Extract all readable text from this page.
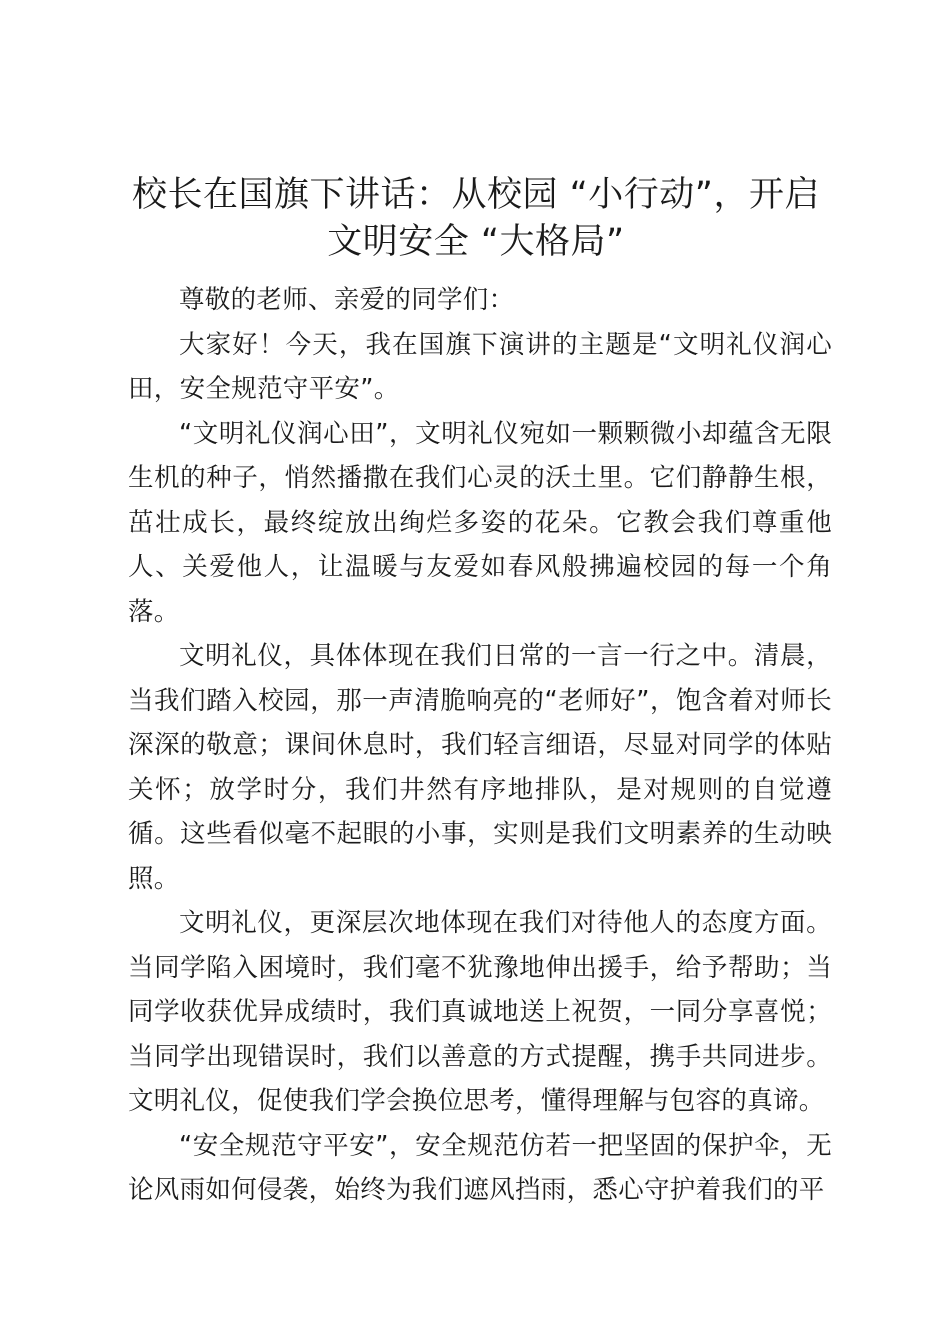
校长在国旗下讲话：从校园 “小行动”，开启文明安全 “大格局”

尊敬的老师、亲爱的同学们：

大家好！今天，我在国旗下演讲的主题是“文明礼仪润心田，安全规范守平安”。

“文明礼仪润心田”，文明礼仪宛如一颗颗微小却蕴含无限生机的种子，悄然播撒在我们心灵的沃土里。它们静静生根，茁壮成长，最终绽放出绚烂多姿的花朵。它教会我们尊重他人、关爱他人，让温暖与友爱如春风般拂遍校园的每一个角落。

文明礼仪，具体体现在我们日常的一言一行之中。清晨，当我们踏入校园，那一声清脆响亮的“老师好”，饱含着对师长深深的敬意；课间休息时，我们轻言细语，尽显对同学的体贴关怀；放学时分，我们井然有序地排队，是对规则的自觉遵循。这些看似毫不起眼的小事，实则是我们文明素养的生动映照。

文明礼仪，更深层次地体现在我们对待他人的态度方面。当同学陷入困境时，我们毫不犹豫地伸出援手，给予帮助；当同学收获优异成绩时，我们真诚地送上祝贺，一同分享喜悦；当同学出现错误时，我们以善意的方式提醒，携手共同进步。文明礼仪，促使我们学会换位思考，懂得理解与包容的真谛。

“安全规范守平安”，安全规范仿若一把坚固的保护伞，无论风雨如何侵袭，始终为我们遮风挡雨，悉心守护着我们的平
